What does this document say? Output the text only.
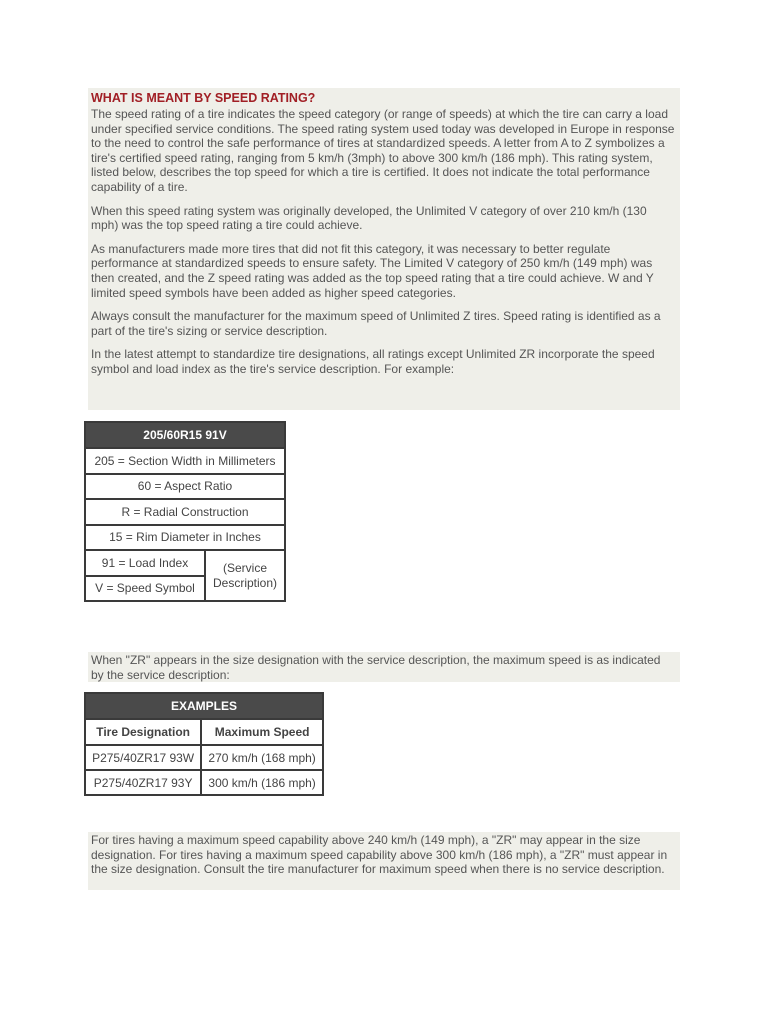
WHAT IS MEANT BY SPEED RATING?

The speed rating of a tire indicates the speed category (or range of speeds) at which the tire can carry a load under specified service conditions. The speed rating system used today was developed in Europe in response to the need to control the safe performance of tires at standardized speeds. A letter from A to Z symbolizes a tire's certified speed rating, ranging from 5 km/h (3mph) to above 300 km/h (186 mph). This rating system, listed below, describes the top speed for which a tire is certified. It does not indicate the total performance capability of a tire.

When this speed rating system was originally developed, the Unlimited V category of over 210 km/h (130 mph) was the top speed rating a tire could achieve.

As manufacturers made more tires that did not fit this category, it was necessary to better regulate performance at standardized speeds to ensure safety. The Limited V category of 250 km/h (149 mph) was then created, and the Z speed rating was added as the top speed rating that a tire could achieve. W and Y limited speed symbols have been added as higher speed categories.

Always consult the manufacturer for the maximum speed of Unlimited Z tires. Speed rating is identified as a part of the tire's sizing or service description.

In the latest attempt to standardize tire designations, all ratings except Unlimited ZR incorporate the speed symbol and load index as the tire's service description. For example:

205/60R15 91V
205 = Section Width in Millimeters
60 = Aspect Ratio
R = Radial Construction
15 = Rim Diameter in Inches
91 = Load Index	(Service Description)
V = Speed Symbol

When "ZR" appears in the size designation with the service description, the maximum speed is as indicated by the service description:

EXAMPLES	
Tire Designation	Maximum Speed
P275/40ZR17 93W	270 km/h (168 mph)
P275/40ZR17 93Y	300 km/h (186 mph)

For tires having a maximum speed capability above 240 km/h (149 mph), a "ZR" may appear in the size designation. For tires having a maximum speed capability above 300 km/h (186 mph), a "ZR" must appear in the size designation. Consult the tire manufacturer for maximum speed when there is no service description.
